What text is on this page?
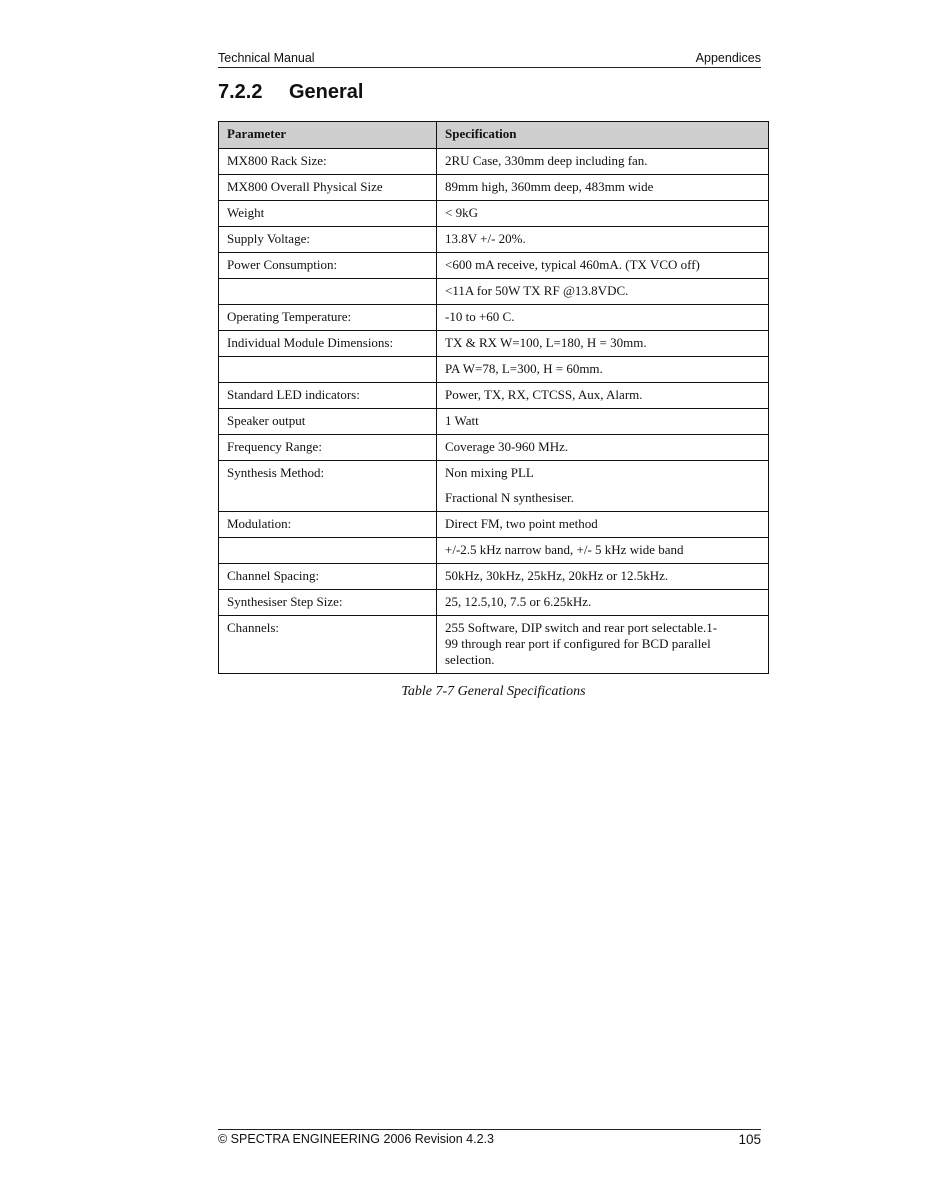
Technical Manual	Appendices
7.2.2	General
Parameter	Specification
MX800 Rack Size:	2RU Case, 330mm deep including fan.

MX800 Overall Physical Size	89mm high, 360mm deep, 483mm wide

Weight	< 9kG

Supply Voltage:	13.8V +/- 20%.

Power Consumption:	<600 mA receive, typical 460mA. (TX VCO off)

	<11A for 50W TX RF @13.8VDC.

Operating Temperature:	-10 to +60 C.

Individual Module Dimensions:	TX & RX W=100, L=180, H = 30mm.

	PA W=78, L=300, H = 60mm.

Standard LED indicators:	Power, TX, RX, CTCSS, Aux, Alarm.

Speaker output	1 Watt

Frequency Range:	Coverage 30-960 MHz.

Synthesis Method:	Non mixing PLL
Fractional N synthesiser.

Modulation:	Direct FM, two point method

	+/-2.5 kHz narrow band, +/- 5 kHz wide band

Channel Spacing:	50kHz, 30kHz, 25kHz, 20kHz or 12.5kHz.

Synthesiser Step Size:	25, 12.5,10, 7.5 or 6.25kHz.

Channels:	255 Software, DIP switch and rear port selectable.1-
99 through rear port if configured for BCD parallel
selection.
Table 7-7 General Specifications
© SPECTRA ENGINEERING 2006 Revision 4.2.3	105
